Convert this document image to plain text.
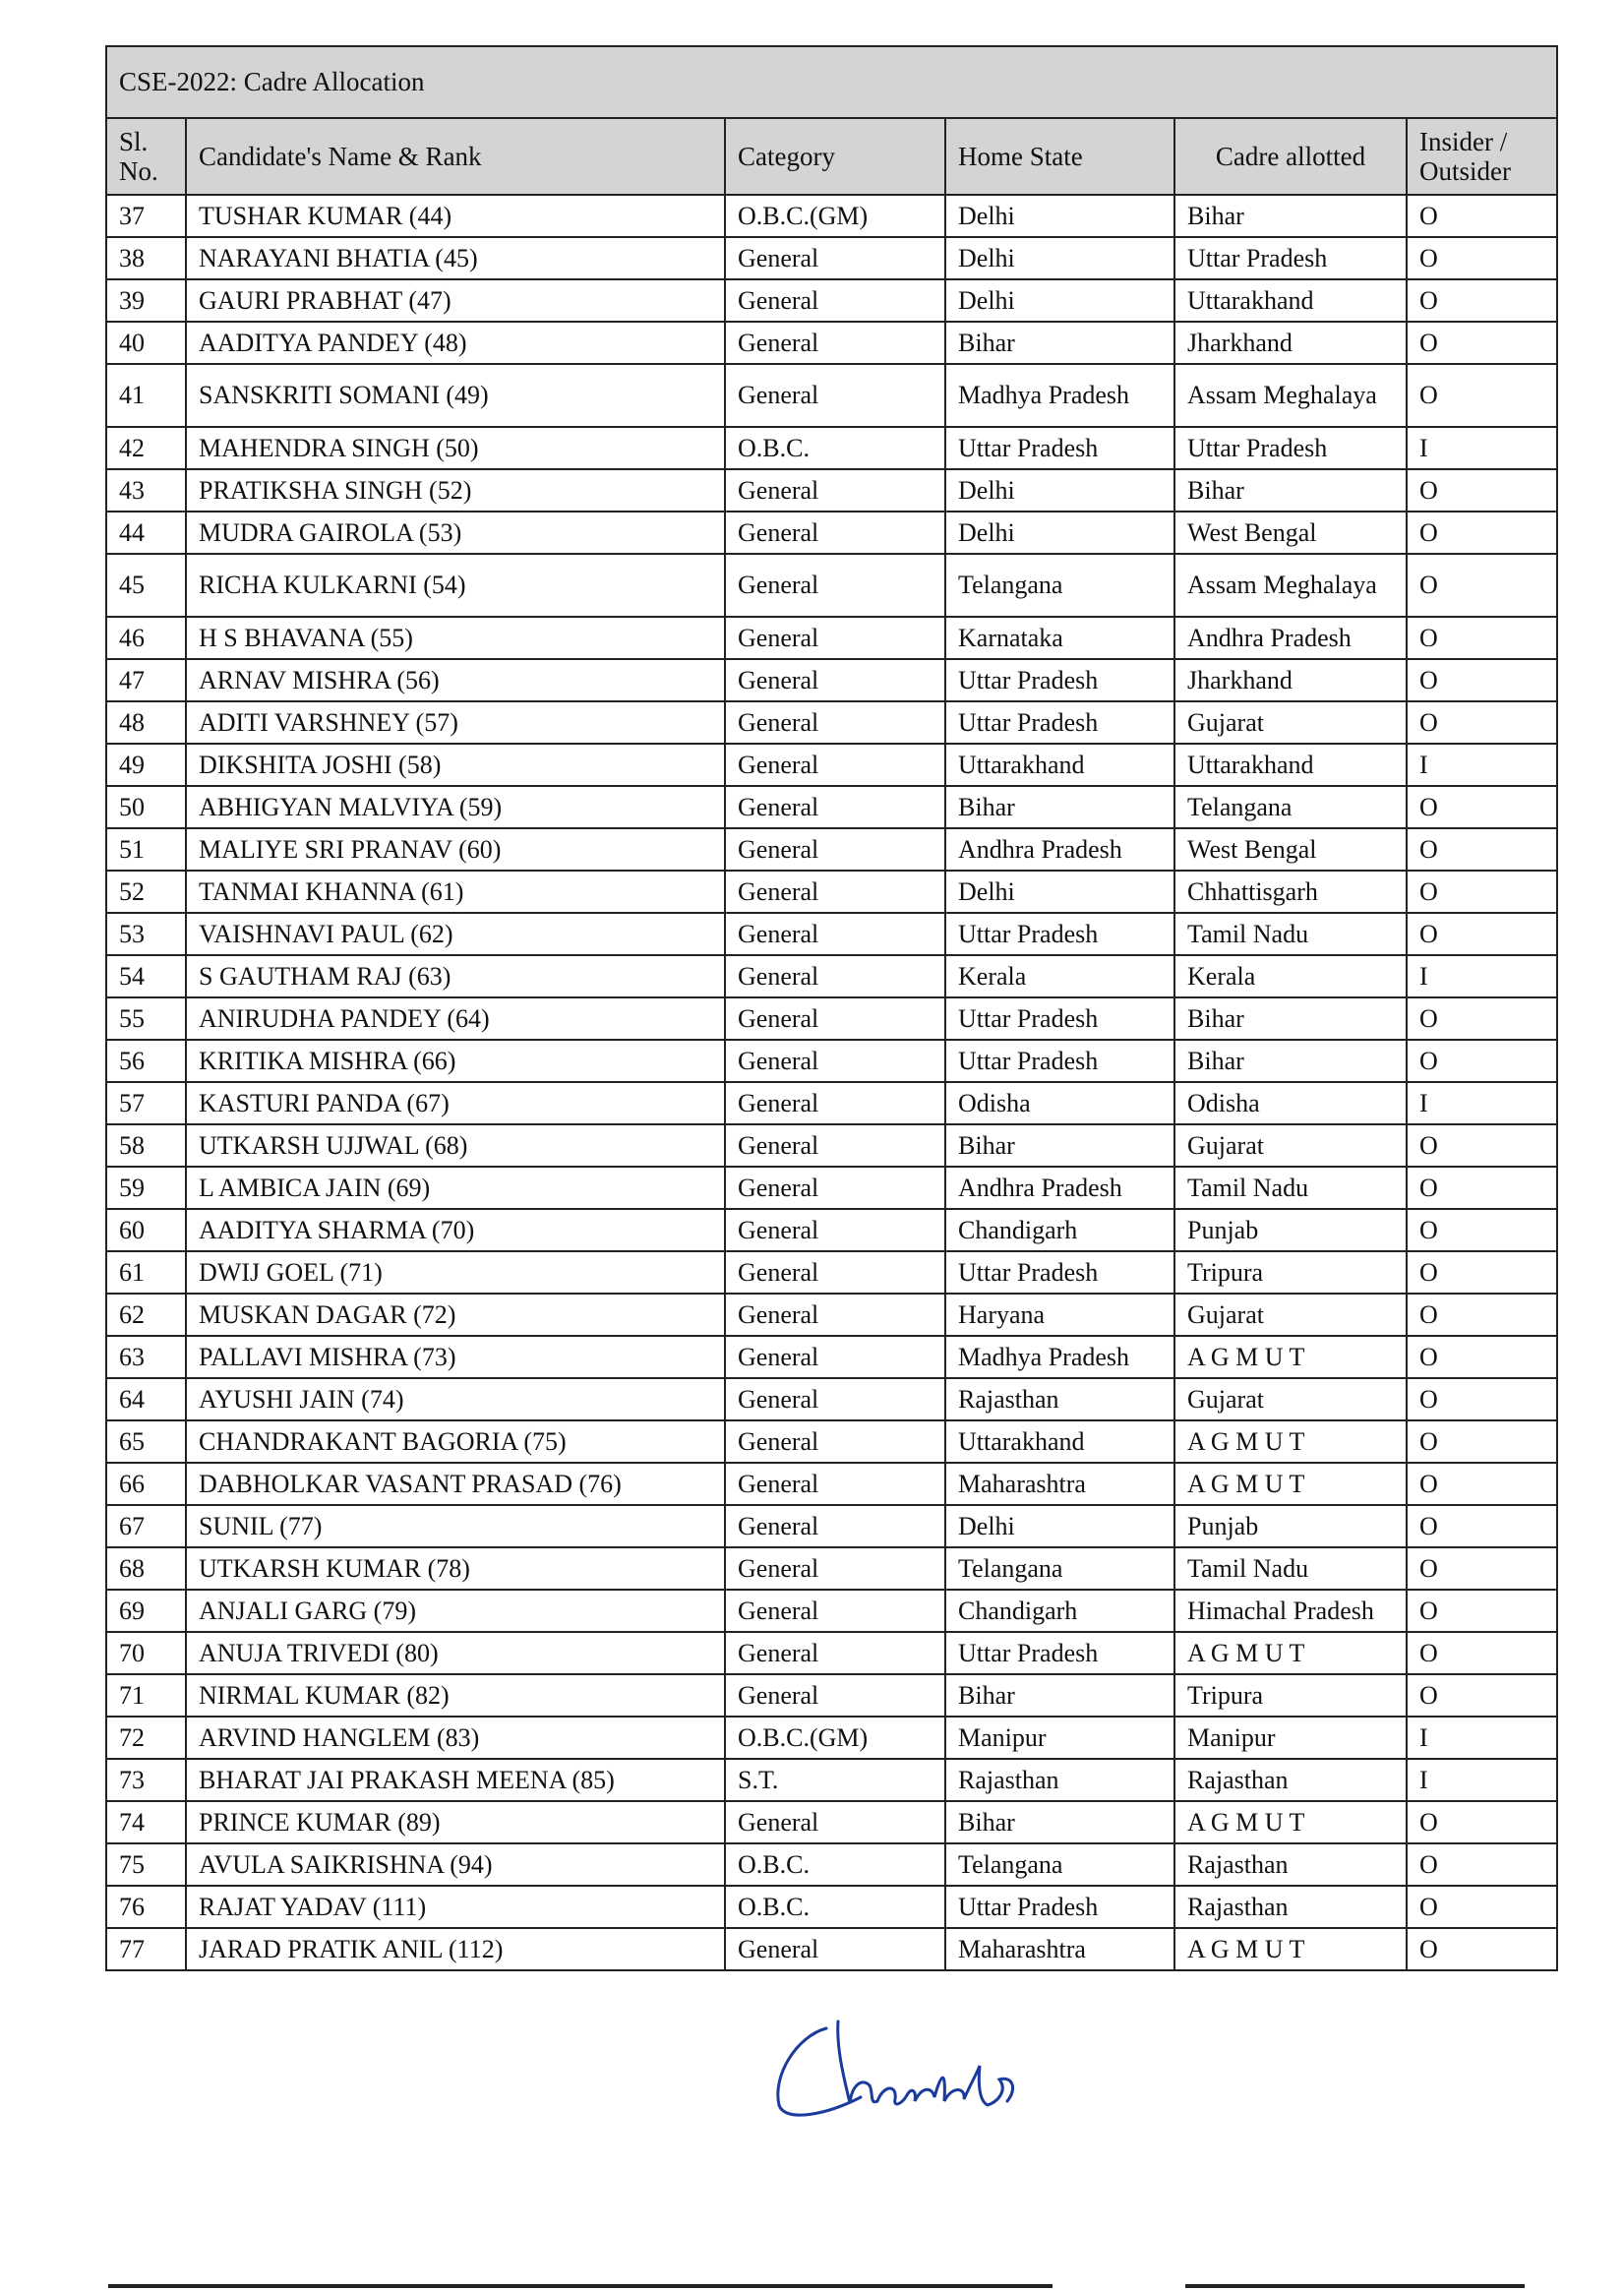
CSE-2022: Cadre Allocation					
Sl. No.	Candidate's Name & Rank	Category	Home State	Cadre allotted	Insider / Outsider
37	TUSHAR KUMAR (44)	O.B.C.(GM)	Delhi	Bihar	O
38	NARAYANI BHATIA (45)	General	Delhi	Uttar Pradesh	O
39	GAURI PRABHAT (47)	General	Delhi	Uttarakhand	O
40	AADITYA PANDEY (48)	General	Bihar	Jharkhand	O
41	SANSKRITI SOMANI (49)	General	Madhya Pradesh	Assam Meghalaya	O
42	MAHENDRA SINGH (50)	O.B.C.	Uttar Pradesh	Uttar Pradesh	I
43	PRATIKSHA SINGH (52)	General	Delhi	Bihar	O
44	MUDRA GAIROLA (53)	General	Delhi	West Bengal	O
45	RICHA KULKARNI (54)	General	Telangana	Assam Meghalaya	O
46	H S BHAVANA (55)	General	Karnataka	Andhra Pradesh	O
47	ARNAV MISHRA (56)	General	Uttar Pradesh	Jharkhand	O
48	ADITI VARSHNEY (57)	General	Uttar Pradesh	Gujarat	O
49	DIKSHITA JOSHI (58)	General	Uttarakhand	Uttarakhand	I
50	ABHIGYAN MALVIYA (59)	General	Bihar	Telangana	O
51	MALIYE SRI PRANAV (60)	General	Andhra Pradesh	West Bengal	O
52	TANMAI KHANNA (61)	General	Delhi	Chhattisgarh	O
53	VAISHNAVI PAUL (62)	General	Uttar Pradesh	Tamil Nadu	O
54	S GAUTHAM RAJ (63)	General	Kerala	Kerala	I
55	ANIRUDHA PANDEY (64)	General	Uttar Pradesh	Bihar	O
56	KRITIKA MISHRA (66)	General	Uttar Pradesh	Bihar	O
57	KASTURI PANDA (67)	General	Odisha	Odisha	I
58	UTKARSH UJJWAL (68)	General	Bihar	Gujarat	O
59	L AMBICA JAIN (69)	General	Andhra Pradesh	Tamil Nadu	O
60	AADITYA SHARMA (70)	General	Chandigarh	Punjab	O
61	DWIJ GOEL (71)	General	Uttar Pradesh	Tripura	O
62	MUSKAN DAGAR (72)	General	Haryana	Gujarat	O
63	PALLAVI MISHRA (73)	General	Madhya Pradesh	A G M U T	O
64	AYUSHI JAIN (74)	General	Rajasthan	Gujarat	O
65	CHANDRAKANT BAGORIA (75)	General	Uttarakhand	A G M U T	O
66	DABHOLKAR VASANT PRASAD (76)	General	Maharashtra	A G M U T	O
67	SUNIL (77)	General	Delhi	Punjab	O
68	UTKARSH KUMAR (78)	General	Telangana	Tamil Nadu	O
69	ANJALI GARG (79)	General	Chandigarh	Himachal Pradesh	O
70	ANUJA TRIVEDI (80)	General	Uttar Pradesh	A G M U T	O
71	NIRMAL KUMAR (82)	General	Bihar	Tripura	O
72	ARVIND HANGLEM (83)	O.B.C.(GM)	Manipur	Manipur	I
73	BHARAT JAI PRAKASH MEENA (85)	S.T.	Rajasthan	Rajasthan	I
74	PRINCE KUMAR (89)	General	Bihar	A G M U T	O
75	AVULA SAIKRISHNA (94)	O.B.C.	Telangana	Rajasthan	O
76	RAJAT YADAV (111)	O.B.C.	Uttar Pradesh	Rajasthan	O
77	JARAD PRATIK ANIL (112)	General	Maharashtra	A G M U T	O
